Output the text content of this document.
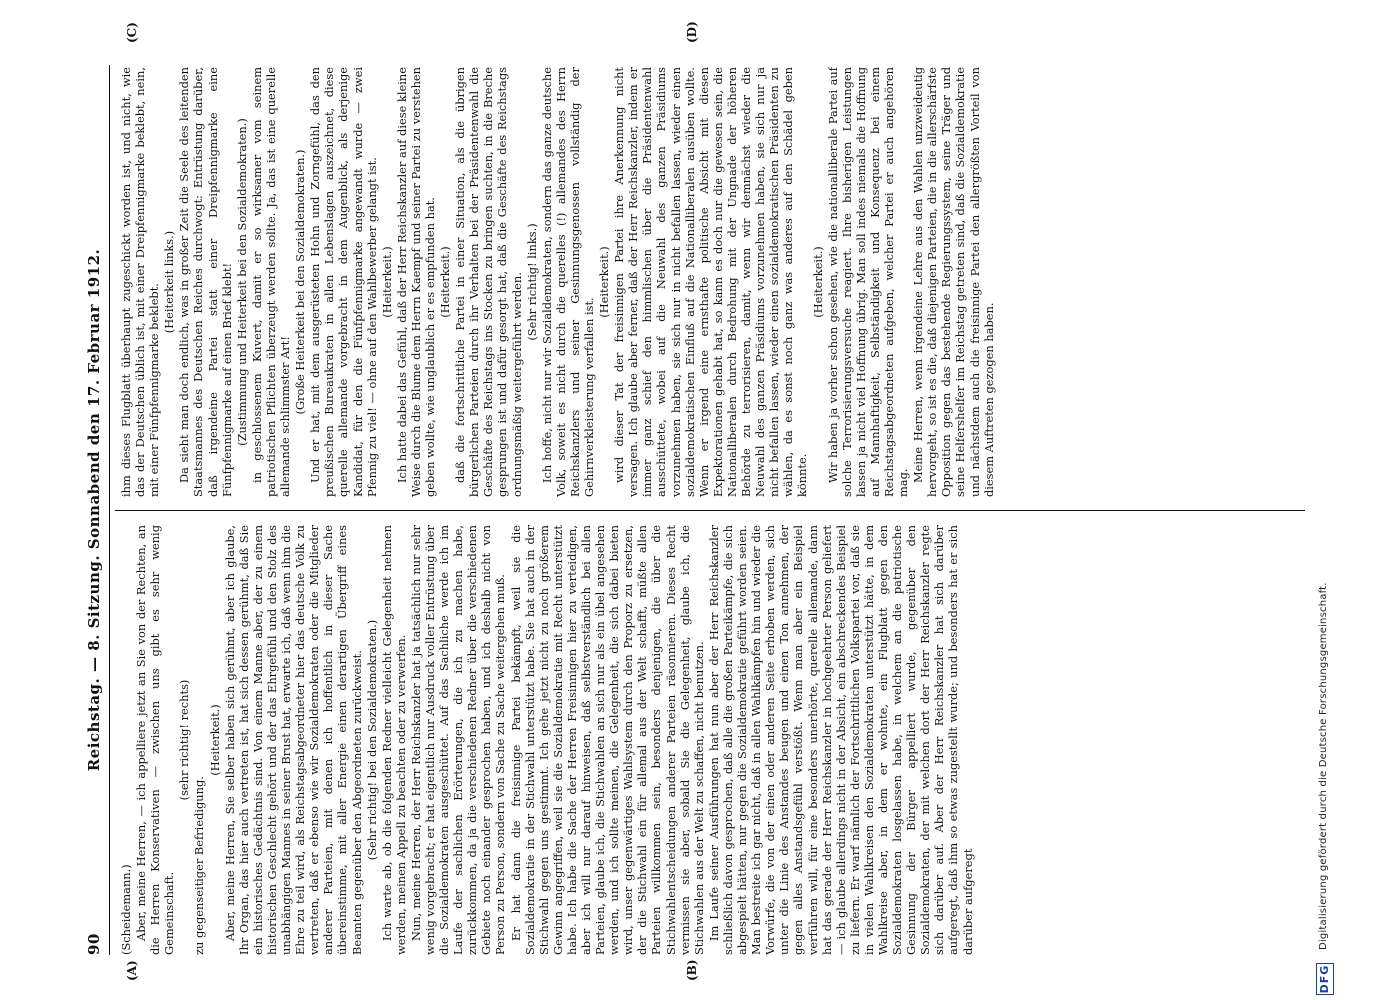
90
Reichstag. — 8. Sitzung. Sonnabend den 17. Februar 1912.
(A)	(B)
(C)	(D)

(Scheidemann.) Aber, meine Herren, — ich appelliere jetzt an Sie von der Rechten, an die Herren Konservativen — zwischen uns gibt es sehr wenig Gemeinschaft.

(sehr richtig! rechts)

zu gegenseitiger Befriedigung.

(Heiterkeit.) Aber, meine Herren, Sie selber haben sich gerühmt, aber ich glaube, Ihr Organ, das hier auch vertreten ist, hat sich dessen gerühmt, daß Sie ein historisches Gedächtnis sind. Von einem Manne aber, der zu einem historischen Geschlecht gehört und der das Ehrgefühl und den Stolz des unabhängigen Mannes in seiner Brust hat, erwarte ich, daß wenn ihm die Ehre zu teil wird, als Reichstagsabgeordneter hier das deutsche Volk zu vertreten, daß er ebenso wie wir Sozialdemokraten oder die Mitglieder anderer Parteien, mit denen ich hoffentlich in dieser Sache übereinstimme, mit aller Energie einen derartigen Übergriff eines Beamten gegenüber den Abgeordneten zurückweist. (Sehr richtig! bei den Sozialdemokraten.) Ich warte ab, ob die folgenden Redner vielleicht Gelegenheit nehmen werden, meinen Appell zu beachten oder zu verwerfen. Nun, meine Herren, der Herr Reichskanzler hat ja tatsächlich nur sehr wenig vorgebracht; er hat eigentlich nur Ausdruck voller Entrüstung über die Sozialdemokraten ausgeschüttet. Auf das Sachliche werde ich im Laufe der sachlichen Erörterungen, die ich zu machen habe, zurückkommen, da ja die verschiedenen Redner über die verschiedenen Gebiete noch einander gesprochen haben, und ich deshalb nicht von Person zu Person, sondern von Sache zu Sache weitergehen muß. Er hat dann die freisinnige Partei bekämpft, weil sie die Sozialdemokratie in der Stichwahl unterstützt habe. Sie hat auch in der Stichwahl gegen uns gestimmt. Ich gehe jetzt nicht zu noch größerem Gewinn angegriffen, weil sie die Sozialdemokratie mit Recht unterstützt habe. Ich habe die Sache der Herren Freisinnigen hier zu verteidigen, aber ich will nur darauf hinweisen, daß selbstverständlich bei allen Parteien, glaube ich, die Stichwahlen an sich nur als ein übel angesehen werden, und ich sollte meinen, die Gelegenheit, die sich dabei bieten wird, unser gegenwärtiges Wahlsystem durch den Proporz zu ersetzen, der die Stichwahl ein für allemal aus der Welt schafft, müßte allen Parteien willkommen sein, besonders denjenigen, die über die Stichwahlentscheidungen anderer Parteien räsonnieren. Dieses Recht vermissen sie aber, sobald Sie die Gelegenheit, glaube ich, die Stichwahlen aus der Welt zu schaffen, nicht benutzen. Im Laufe seiner Ausführungen hat nun aber der Herr Reichskanzler schließlich davon gesprochen, daß alle die großen Parteikämpfe, die sich abgespielt hätten, nur gegen die Sozialdemokratie geführt worden seien. Man bestreite ich gar nicht, daß in allen Wahlkämpfen hin und wieder die Vorwürfe, die von der einen oder anderen Seite erhoben werden, sich unter die Linie des Anstandes beugen und einen Ton annehmen, der gegen alles Anstandsgefühl verstößt. Wenn man aber ein Beispiel verführen will, für eine besonders unerhörte, querelle allemande, dann hat das gerade der Herr Reichskanzler in hochgeehrter Person geliefert — ich glaube allerdings nicht in der Absicht, ein abschreckendes Beispiel zu liefern. Er warf nämlich der Fortschrittlichen Volkspartei vor, daß sie in vielen Wahlkreisen den Sozialdemokraten unterstützt hätte, in dem Wahlkreise aber, in dem er wohnte, ein Flugblatt gegen den Sozialdemokraten losgelassen habe, in welchem an die patriotische Gesinnung der Bürger appelliert wurde, gegenüber den Sozialdemokraten, der mit welchen dort der Herr Reichskanzler regte sich darüber auf. Aber der Herr Reichskanzler hat sich darüber aufgeregt, daß ihm so etwas zugestellt wurde; und besonders hat er sich darüber aufgeregt

ihm dieses Flugblatt überhaupt zugeschickt worden ist, und nicht, wie das der Deutschen üblich ist, mit einer Dreipfennigmarke beklebt, nein, mit einer Fünfpfennigmarke beklebt.

(Heiterkeit links.) Da sieht man doch endlich, was in großer Zeit die Seele des leitenden Staatsmannes des Deutschen Reiches durchwogt: Entrüstung darüber, daß irgendeine Partei statt einer Dreipfennigmarke eine Fünfpfennigmarke auf einen Brief klebt! (Zustimmung und Heiterkeit bei den Sozialdemokraten.) in geschlossenem Kuvert, damit er so wirksamer vom seinem patriotischen Pflichten überzeugt werden sollte. Ja, das ist eine querelle allemande schlimmster Art!

(Große Heiterkeit bei den Sozialdemokraten.) Und er hat, mit dem ausgerüsteten Hohn und Zorngefühl, das den preußischen Bureaukraten in allen Lebenslagen auszeichnet, diese querelle allemande vorgebracht in dem Augenblick, als derjenige Kandidat, für den die Fünfpfennigmarke angewandt wurde — zwei Pfennig zu viel! — ohne auf den Wahlbewerber gelangt ist. (Heiterkeit.) Ich hatte dabei das Gefühl, daß der Herr Reichskanzler auf diese kleine Weise durch die Blume dem Herrn Kaempf und seiner Partei zu verstehen geben wollte, wie unglaublich er es empfunden hat. (Heiterkeit.) daß die fortschrittliche Partei in einer Situation, als die übrigen bürgerlichen Parteien durch ihr Verhalten bei der Präsidentenwahl die Geschäfte des Reichstags ins Stocken zu bringen suchten, in die Breche gesprungen ist und dafür gesorgt hat, daß die Geschäfte des Reichstags ordnungsmäßig weitergeführt werden. (Sehr richtig! links.) Ich hoffe, nicht nur wir Sozialdemokraten, sondern das ganze deutsche Volk, soweit es nicht durch die querelles (!) allemandes des Herrn Reichskanzlers und seiner Gesinnungsgenossen vollständig der Gehirnverkleisterung verfallen ist.

(Heiterkeit.) wird dieser Tat der freisinnigen Partei ihre Anerkennung nicht versagen. Ich glaube aber ferner, daß der Herr Reichskanzler, indem er immer ganz schief den himmlischen über die Präsidentenwahl ausschüttete, wobei auf die Neuwahl des ganzen Präsidiums vorzunehmen haben, sie sich nur in nicht befallen lassen, wieder einen sozialdemokratischen Einfluß auf die Nationalliberalen ausüben wollte. Wenn er irgend eine ernsthafte politische Absicht mit diesen Expektorationen gehabt hat, so kann es doch nur die gewesen sein, die Nationalliberalen durch Bedrohung mit der Ungnade der höheren Behörde zu terrorisieren, damit, wenn wir demnächst wieder die Neuwahl des ganzen Präsidiums vorzunehmen haben, sie sich nur ja nicht befallen lassen, wieder einen sozialdemokratischen Präsidenten zu wählen, da es sonst noch ganz was anderes auf den Schädel geben könnte.

(Heiterkeit.) Wir haben ja vorher schon gesehen, wie die nationalliberale Partei auf solche Terrorisierungsversuche reagiert. Ihre bisherigen Leistungen lassen ja nicht viel Hoffnung übrig. Man soll indes niemals die Hoffnung auf Mannhaftigkeit, Selbständigkeit und Konsequenz bei einem Reichstagsabgeordneten aufgeben, welcher Partei er auch angehören mag. Meine Herren, wenn irgendeine Lehre aus den Wahlen unzweideutig hervorgeht, so ist es die, daß diejenigen Parteien, die in die allerschärfste Opposition gegen das bestehende Regierungssystem, seine Träger und seine Helfershelfer im Reichstag getreten sind, daß die Sozialdemokratie und nächstdem auch die freisinnige Partei den allergrößten Vorteil von diesem Auftreten gezogen haben.

DFG
Digitalisierung gefördert durch die Deutsche Forschungsgemeinschaft.
